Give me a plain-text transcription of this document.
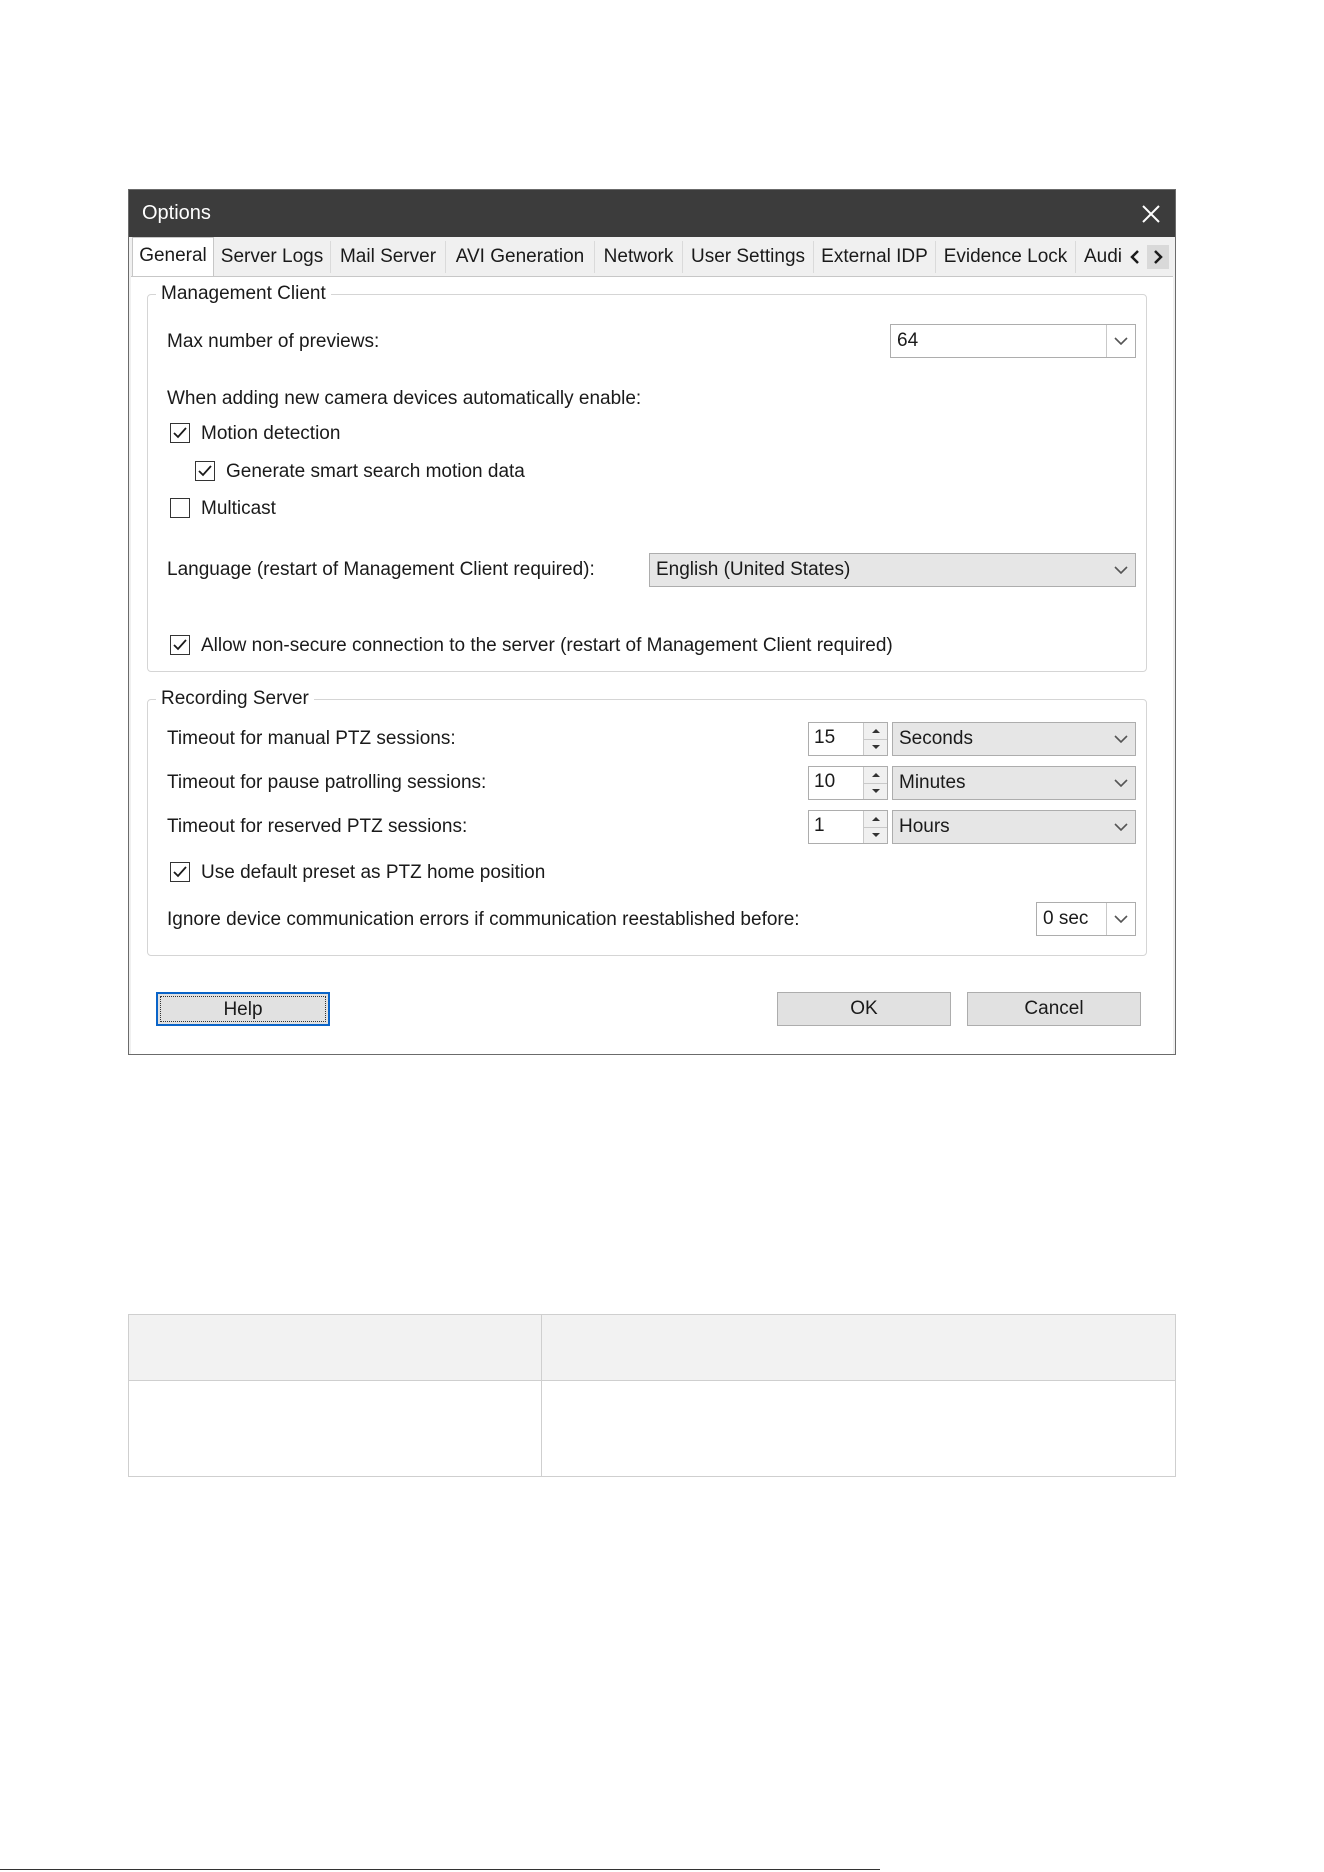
Options
General Server Logs Mail Server	AVI Generation	Network User Settings External IDP Evidence Lock Audi
Management Client
Max number of previews:	64
When adding new camera devices automatically enable:
Motion detection
Generate smart search motion data
Multicast
Language (restart of Management Client required):	English (United States)
Allow non-secure connection to the server (restart of Management Client required)
Recording Server
Timeout for manual PTZ sessions:	15	Seconds
Timeout for pause patrolling sessions:	10	Minutes
Timeout for reserved PTZ sessions:	1	Hours
Use default preset as PTZ home position
Ignore device communication errors if communication reestablished before:	0 sec
Help	OK	Cancel
